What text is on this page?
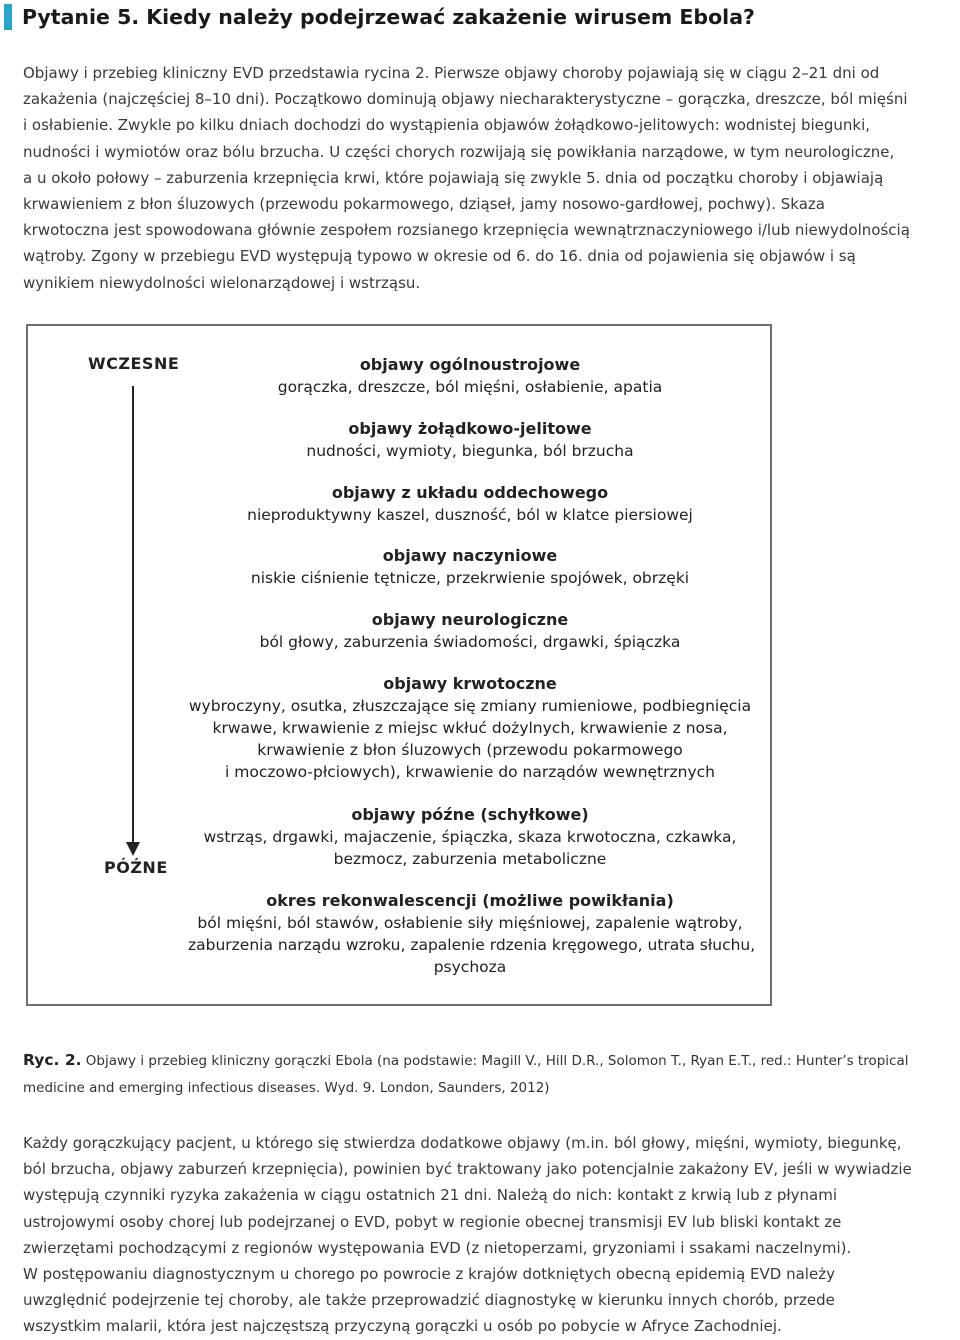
Pytanie 5. Kiedy należy podejrzewać zakażenie wirusem Ebola?
Objawy i przebieg kliniczny EVD przedstawia rycina 2. Pierwsze objawy choroby pojawiają się w ciągu 2–21 dni od
zakażenia (najczęściej 8–10 dni). Początkowo dominują objawy niecharakterystyczne – gorączka, dreszcze, ból mięśni
i osłabienie. Zwykle po kilku dniach dochodzi do wystąpienia objawów żołądkowo-jelitowych: wodnistej biegunki,
nudności i wymiotów oraz bólu brzucha. U części chorych rozwijają się powikłania narządowe, w tym neurologiczne,
a u około połowy – zaburzenia krzepnięcia krwi, które pojawiają się zwykle 5. dnia od początku choroby i objawiają
krwawieniem z błon śluzowych (przewodu pokarmowego, dziąseł, jamy nosowo-gardłowej, pochwy). Skaza
krwotoczna jest spowodowana głównie zespołem rozsianego krzepnięcia wewnątrznaczyniowego i/lub niewydolnością
wątroby. Zgony w przebiegu EVD występują typowo w okresie od 6. do 16. dnia od pojawienia się objawów i są
wynikiem niewydolności wielonarządowej i wstrząsu.
WCZESNE
PÓŹNE
objawy ogólnoustrojowe
gorączka, dreszcze, ból mięśni, osłabienie, apatia
objawy żołądkowo-jelitowe
nudności, wymioty, biegunka, ból brzucha
objawy z układu oddechowego
nieproduktywny kaszel, duszność, ból w klatce piersiowej
objawy naczyniowe
niskie ciśnienie tętnicze, przekrwienie spojówek, obrzęki
objawy neurologiczne
ból głowy, zaburzenia świadomości, drgawki, śpiączka
objawy krwotoczne
wybroczyny, osutka, złuszczające się zmiany rumieniowe, podbiegnięcia
krwawe, krwawienie z miejsc wkłuć dożylnych, krwawienie z nosa,
krwawienie z błon śluzowych (przewodu pokarmowego
i moczowo-płciowych), krwawienie do narządów wewnętrznych
objawy późne (schyłkowe)
wstrząs, drgawki, majaczenie, śpiączka, skaza krwotoczna, czkawka,
bezmocz, zaburzenia metaboliczne
okres rekonwalescencji (możliwe powikłania)
ból mięśni, ból stawów, osłabienie siły mięśniowej, zapalenie wątroby,
zaburzenia narządu wzroku, zapalenie rdzenia kręgowego, utrata słuchu,
psychoza
Ryc. 2. Objawy i przebieg kliniczny gorączki Ebola (na podstawie: Magill V., Hill D.R., Solomon T., Ryan E.T., red.: Hunter’s tropical
medicine and emerging infectious diseases. Wyd. 9. London, Saunders, 2012)
Każdy gorączkujący pacjent, u którego się stwierdza dodatkowe objawy (m.in. ból głowy, mięśni, wymioty, biegunkę,
ból brzucha, objawy zaburzeń krzepnięcia), powinien być traktowany jako potencjalnie zakażony EV, jeśli w wywiadzie
występują czynniki ryzyka zakażenia w ciągu ostatnich 21 dni. Należą do nich: kontakt z krwią lub z płynami
ustrojowymi osoby chorej lub podejrzanej o EVD, pobyt w regionie obecnej transmisji EV lub bliski kontakt ze
zwierzętami pochodzącymi z regionów występowania EVD (z nietoperzami, gryzoniami i ssakami naczelnymi).
W postępowaniu diagnostycznym u chorego po powrocie z krajów dotkniętych obecną epidemią EVD należy
uwzględnić podejrzenie tej choroby, ale także przeprowadzić diagnostykę w kierunku innych chorób, przede
wszystkim malarii, która jest najczęstszą przyczyną gorączki u osób po pobycie w Afryce Zachodniej.
